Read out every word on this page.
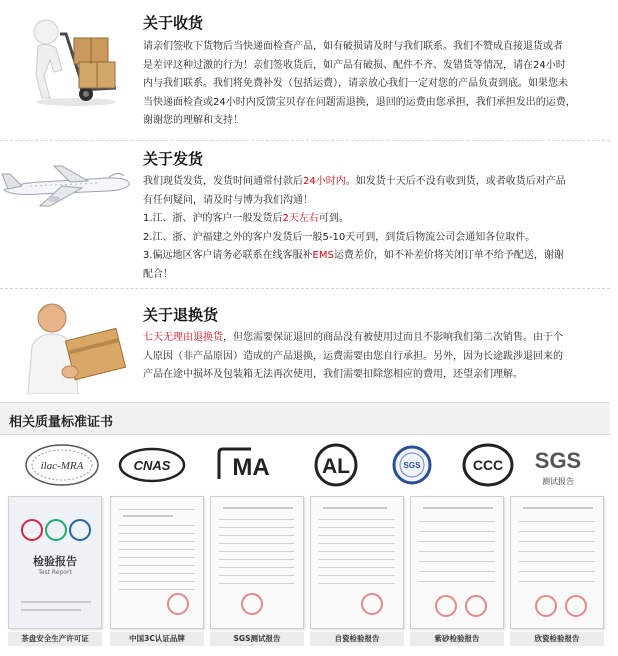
关于收货
请亲们签收下货物后当快递面检查产品，如有破损请及时与我们联系。我们不赞成直接退货或者
是差评这种过激的行为！亲们签收货后，如产品有破损、配件不齐、发错货等情况，请在24小时
内与我们联系。我们将免费补发（包括运费），请亲放心我们一定对您的产品负责到底。如果您未
当快递面检查或24小时内反馈宝贝存在问题需退换，退回的运费由您承担，我们承担发出的运费，
谢谢您的理解和支持！
关于发货
我们现货发货，发货时间通常付款后24小时内。如发货十天后不没有收到货，或者收货后对产品
有任何疑问，请及时与博为我们沟通！
1.江、浙、沪的客户一般发货后2天左右可到。
2.江、浙、沪福建之外的客户发货后一般5-10天可到，到货后物流公司会通知各位取件。
3.偏远地区客户请务必联系在线客服补EMS运费差价，如不补差价将关闭订单不给予配送，谢谢
配合！
关于退换货
七天无理由退换货，但您需要保证退回的商品没有被使用过而且不影响我们第二次销售。由于个
人原因（非产品原因）造成的产品退换，运费需要由您自行承担。另外，因为长途跋涉退回来的
产品在途中损坏及包装箱无法再次使用，我们需要扣除您相应的费用，还望亲们理解。
相关质量标准证书
ilac-MRA	CNAS	MA AL	SGS	CCC SGS
测试报告
检验报告
Test Report
茶盘安全生产许可证	中国3C认证品牌	SGS测试报告	自瓷检验报告	紫砂检验报告	欣瓷检验报告
